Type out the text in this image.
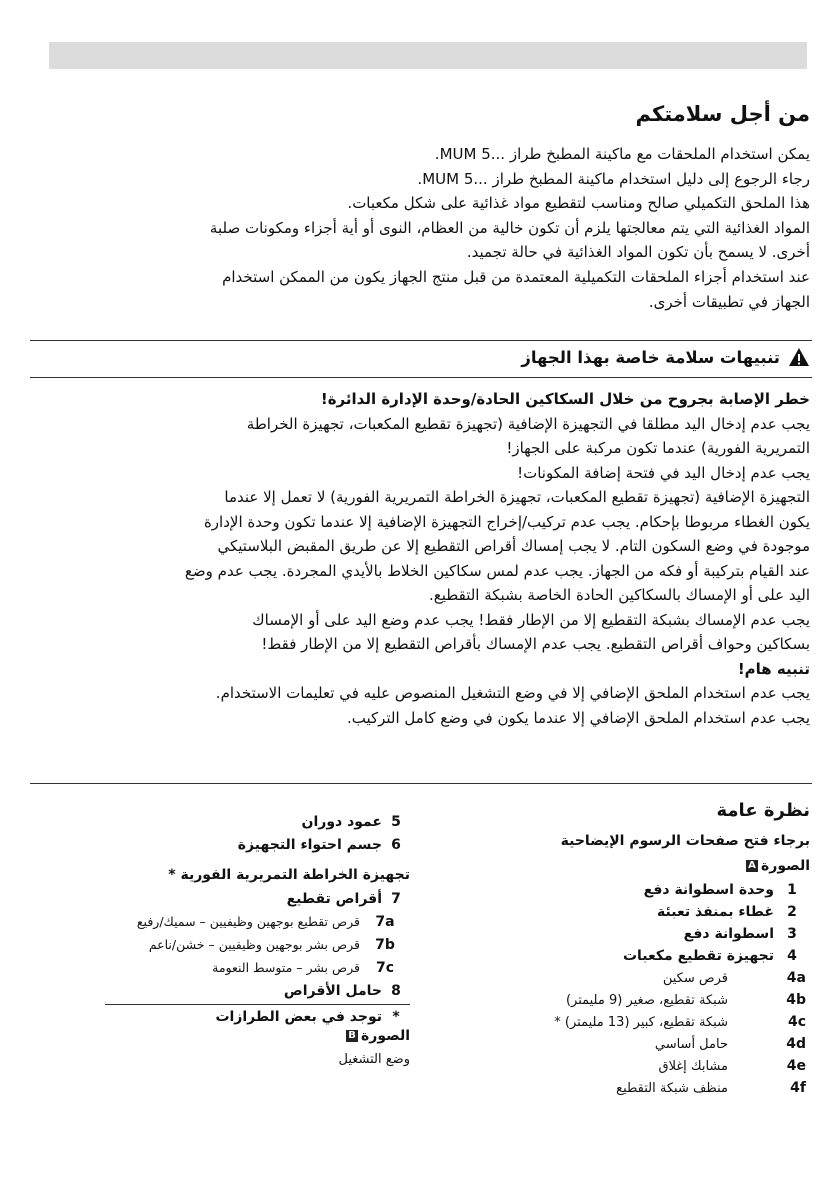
من أجل سلامتكم

يمكن استخدام الملحقات مع ماكينة المطبخ طراز ...MUM 5.

رجاء الرجوع إلى دليل استخدام ماكينة المطبخ طراز ...MUM 5.

هذا الملحق التكميلي صالح ومناسب لتقطيع مواد غذائية على شكل مكعبات.

المواد الغذائية التي يتم معالجتها يلزم أن تكون خالية من العظام، النوى أو أية أجزاء ومكونات صلبة

أخرى. لا يسمح بأن تكون المواد الغذائية في حالة تجميد.

عند استخدام أجزاء الملحقات التكميلية المعتمدة من قبل منتج الجهاز يكون من الممكن استخدام

الجهاز في تطبيقات أخرى.

تنبيهات سلامة خاصة بهذا الجهاز

خطر الإصابة بجروح من خلال السكاكين الحادة/وحدة الإدارة الدائرة!

يجب عدم إدخال اليد مطلقا في التجهيزة الإضافية (تجهيزة تقطيع المكعبات، تجهيزة الخراطة

التمريرية الفورية) عندما تكون مركبة على الجهاز!

يجب عدم إدخال اليد في فتحة إضافة المكونات!

التجهيزة الإضافية (تجهيزة تقطيع المكعبات، تجهيزة الخراطة التمريرية الفورية) لا تعمل إلا عندما

يكون الغطاء مربوطا بإحكام. يجب عدم تركيب/إخراج التجهيزة الإضافية إلا عندما تكون وحدة الإدارة

موجودة في وضع السكون التام. لا يجب إمساك أقراص التقطيع إلا عن طريق المقبض البلاستيكي

عند القيام بتركيبة أو فكه من الجهاز. يجب عدم لمس سكاكين الخلاط بالأيدي المجردة. يجب عدم وضع

اليد على أو الإمساك بالسكاكين الحادة الخاصة بشبكة التقطيع.

يجب عدم الإمساك بشبكة التقطيع إلا من الإطار فقط! يجب عدم وضع اليد على أو الإمساك

بسكاكين وحواف أقراص التقطيع. يجب عدم الإمساك بأقراص التقطيع إلا من الإطار فقط!

تنبيه هام!

يجب عدم استخدام الملحق الإضافي إلا في وضع التشغيل المنصوص عليه في تعليمات الاستخدام.

يجب عدم استخدام الملحق الإضافي إلا عندما يكون في وضع كامل التركيب.

نظرة عامة
برجاء فتح صفحات الرسوم الإيضاحية
الصورة
A
1
وحدة اسطوانة دفع
2
غطاء بمنفذ تعبئة
3
اسطوانة دفع
4
تجهيزة تقطيع مكعبات
4a
قرص سكين
4b
شبكة تقطيع، صغير (9 مليمتر)
4c
شبكة تقطيع، كبير (13 مليمتر) *
4d
حامل أساسي
4e
مشابك إغلاق
4f
منظف شبكة التقطيع
5
عمود دوران
6
جسم احتواء التجهيزة
تجهيزة الخراطة التمريرية الفورية *
7
أقراص تقطيع
7a
قرص تقطيع بوجهين وظيفيين – سميك/رفيع
7b
قرص بشر بوجهين وظيفيين – خشن/ناعم
7c
قرص بشر – متوسط النعومة
8
حامل الأقراص
*
توجد في بعض الطرازات
الصورة
B
وضع التشغيل
